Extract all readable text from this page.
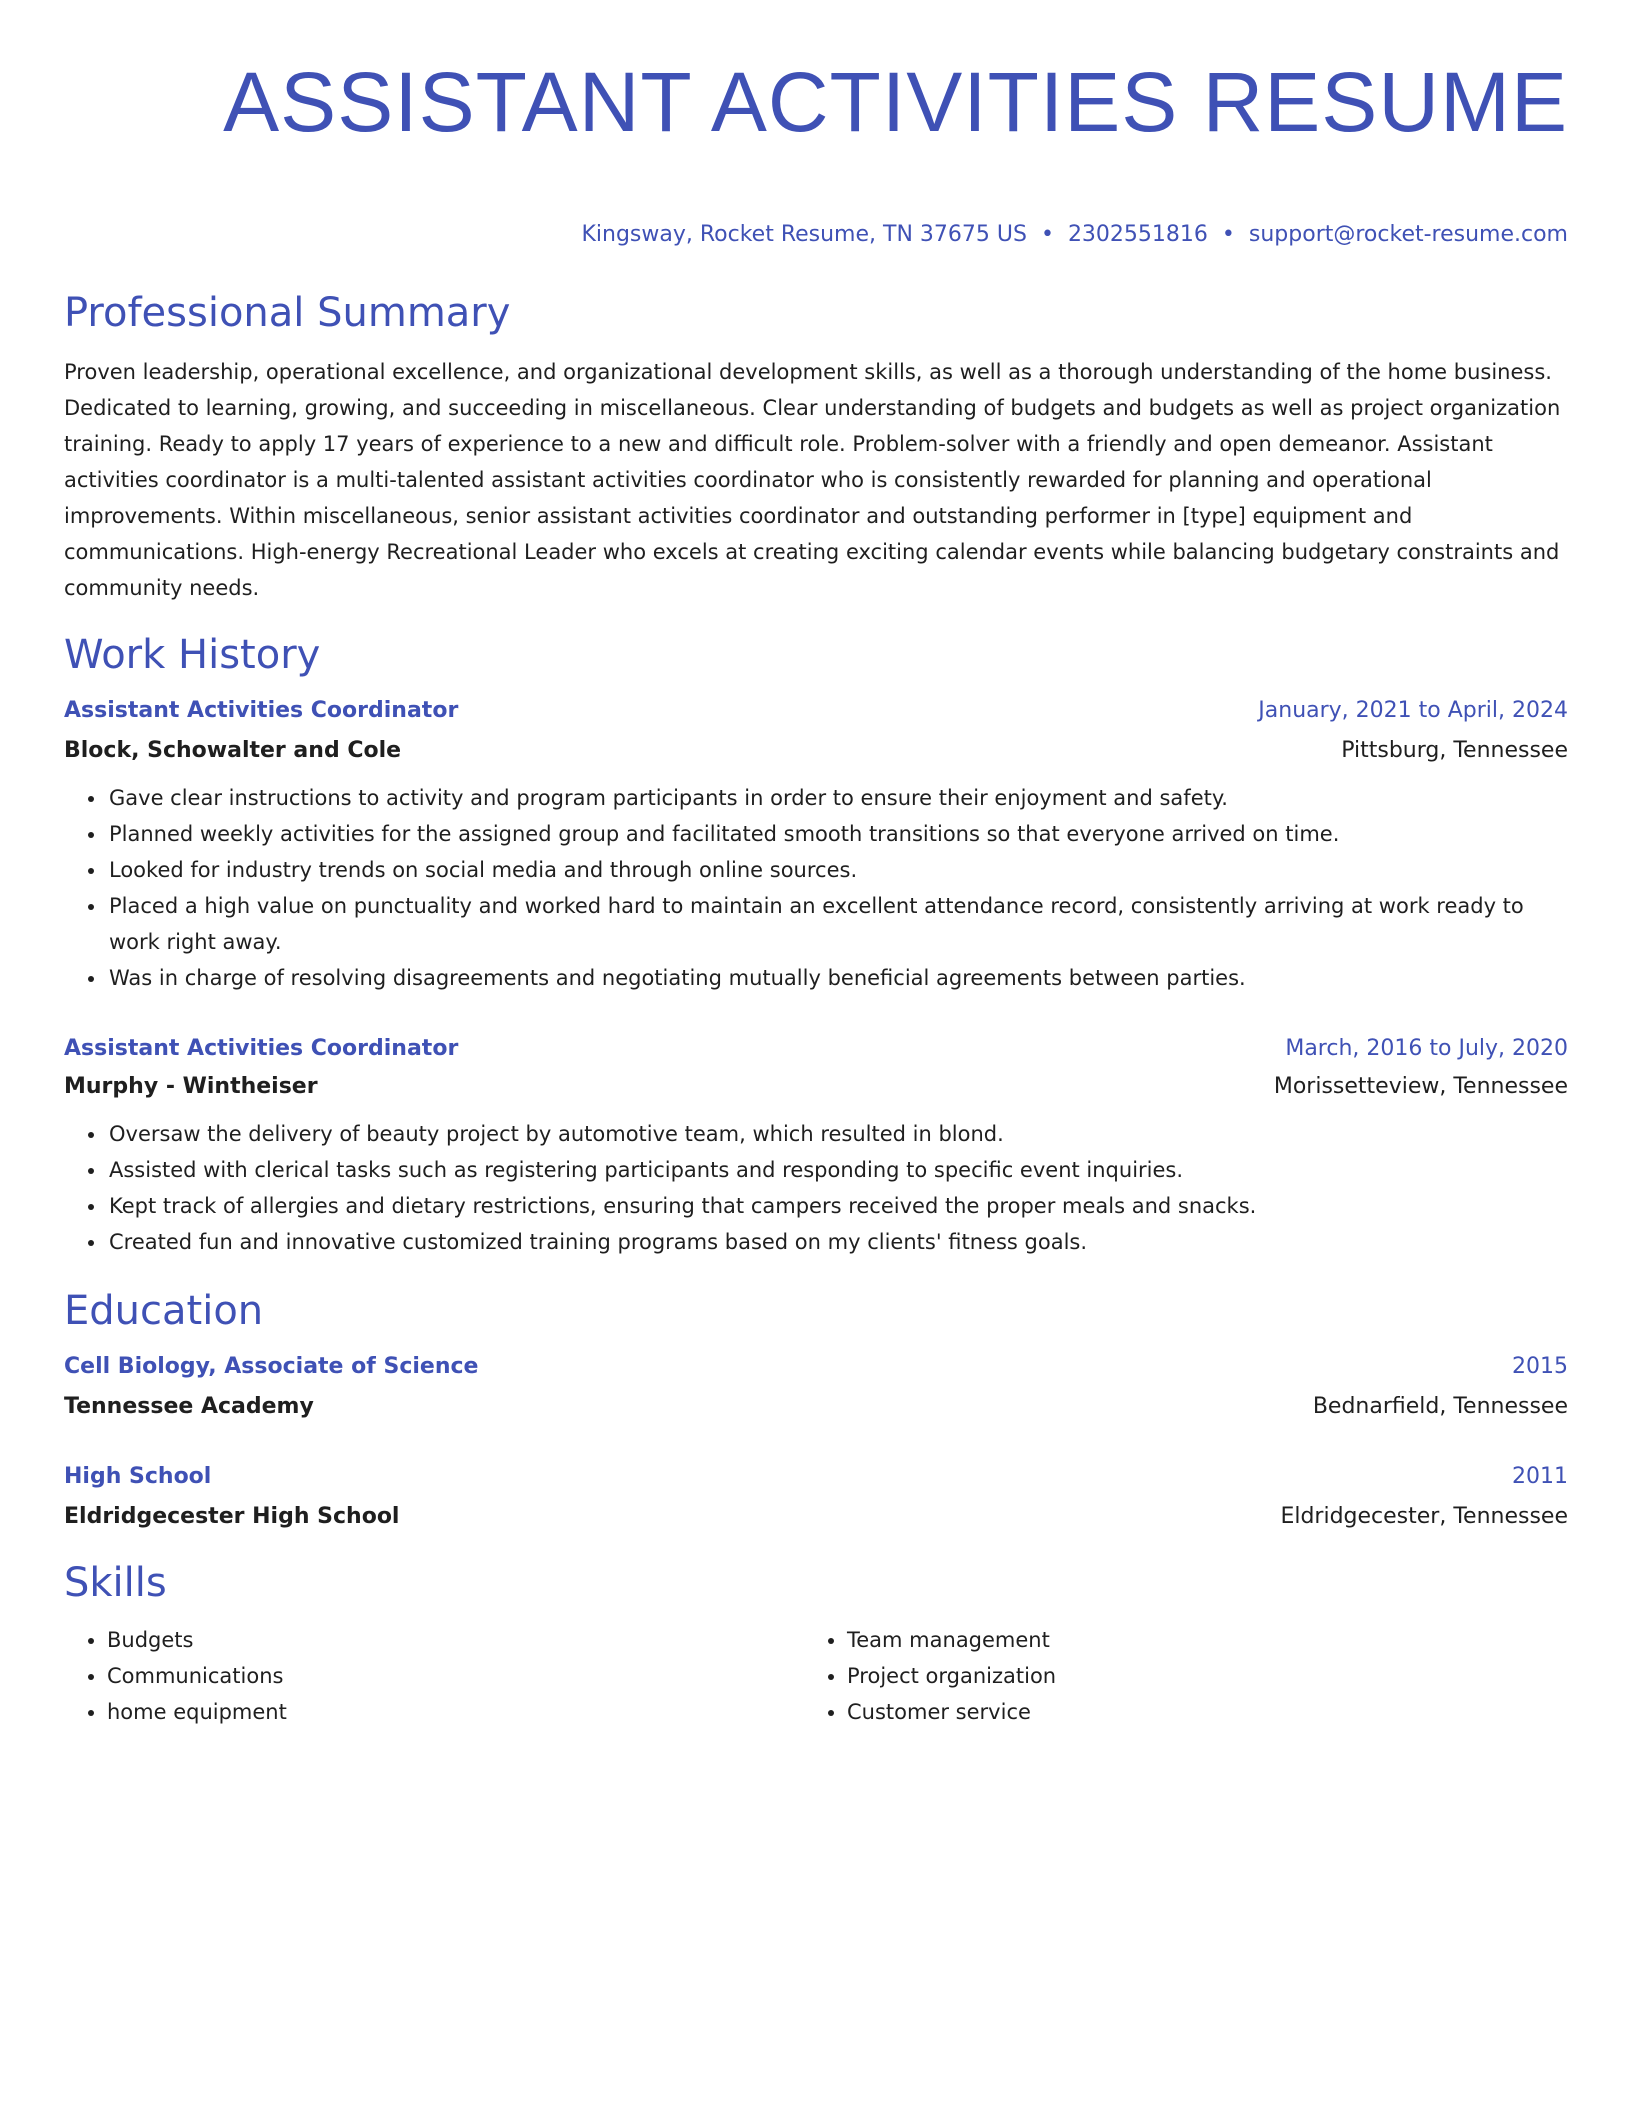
ASSISTANT ACTIVITIES RESUME
Kingsway, Rocket Resume, TN 37675 US • 2302551816 • support@rocket-resume.com
Professional Summary
Proven leadership, operational excellence, and organizational development skills, as well as a thorough understanding of the home business. Dedicated to learning, growing, and succeeding in miscellaneous. Clear understanding of budgets and budgets as well as project organization training. Ready to apply 17 years of experience to a new and difficult role. Problem-solver with a friendly and open demeanor. Assistant activities coordinator is a multi-talented assistant activities coordinator who is consistently rewarded for planning and operational improvements. Within miscellaneous, senior assistant activities coordinator and outstanding performer in [type] equipment and communications. High-energy Recreational Leader who excels at creating exciting calendar events while balancing budgetary constraints and community needs.
Work History
Assistant Activities Coordinator	January, 2021 to April, 2024
Block, Schowalter and Cole	Pittsburg, Tennessee
• Gave clear instructions to activity and program participants in order to ensure their enjoyment and safety.
• Planned weekly activities for the assigned group and facilitated smooth transitions so that everyone arrived on time.
• Looked for industry trends on social media and through online sources.
• Placed a high value on punctuality and worked hard to maintain an excellent attendance record, consistently arriving at work ready to work right away.
• Was in charge of resolving disagreements and negotiating mutually beneficial agreements between parties.
Assistant Activities Coordinator	March, 2016 to July, 2020
Murphy - Wintheiser	Morissetteview, Tennessee
• Oversaw the delivery of beauty project by automotive team, which resulted in blond.
• Assisted with clerical tasks such as registering participants and responding to specific event inquiries.
• Kept track of allergies and dietary restrictions, ensuring that campers received the proper meals and snacks.
• Created fun and innovative customized training programs based on my clients' fitness goals.
Education
Cell Biology, Associate of Science	2015
Tennessee Academy	Bednarfield, Tennessee
High School	2011
Eldridgecester High School	Eldridgecester, Tennessee
Skills
• Budgets
• Communications
• home equipment
• Team management
• Project organization
• Customer service
